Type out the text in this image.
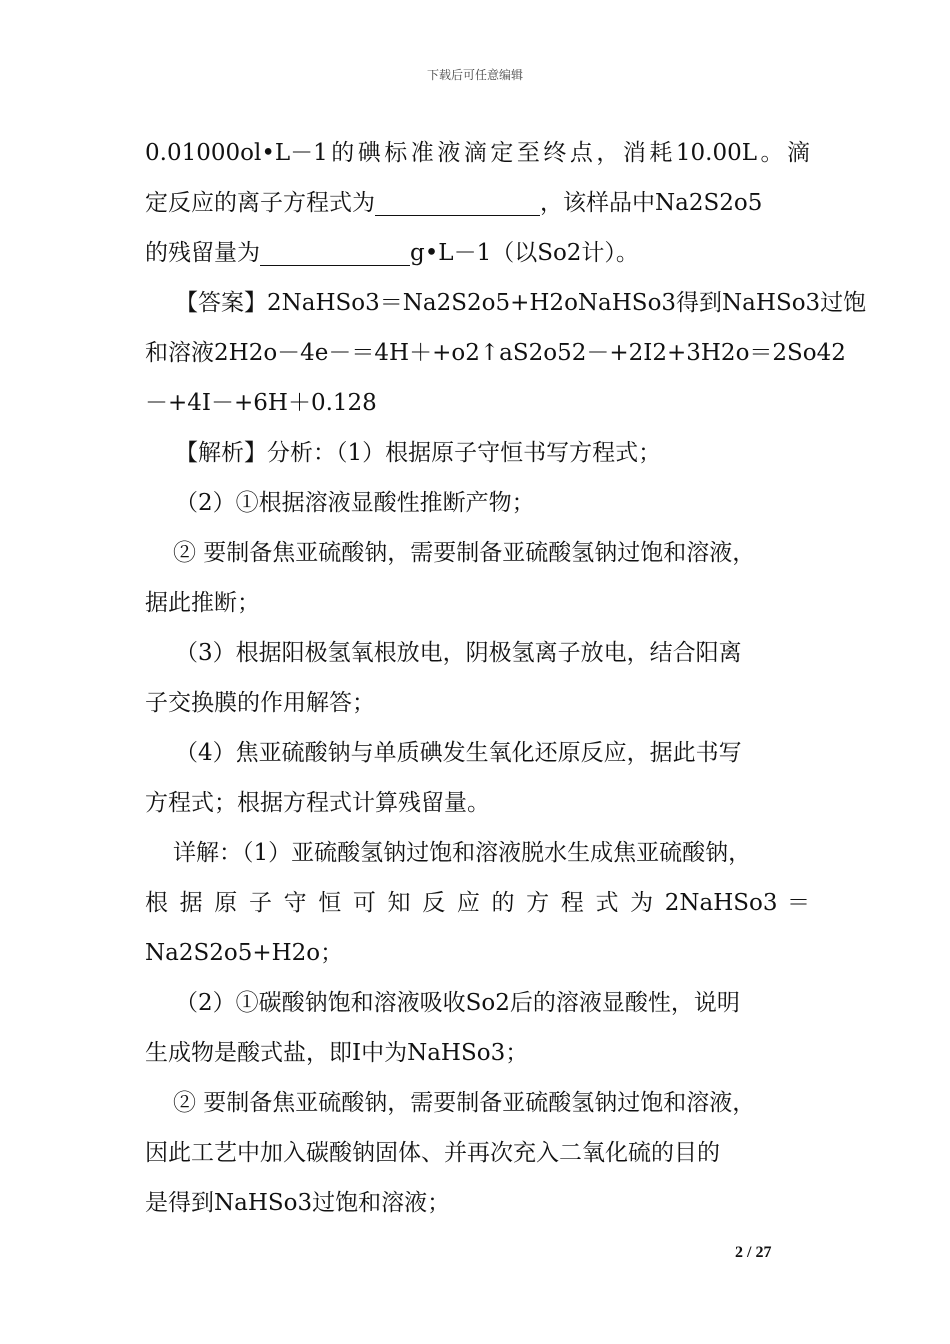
下载后可任意编辑
0.01000ol•L－1的碘标准液滴定至终点，消耗10.00L。滴
定反应的离子方程式为	，该样品中Na2S2o5
的残留量为	g•L－1（以So2计）。
【答案】2NaHSo3＝Na2S2o5+H2oNaHSo3得到NaHSo3过饱
和溶液2H2o－4e－＝4H＋+o2↑aS2o52－+2I2+3H2o＝2So42
－+4I－+6H＋0.128
【解析】分析：（1）根据原子守恒书写方程式；
（2）①根据溶液显酸性推断产物；
② 要制备焦亚硫酸钠，需要制备亚硫酸氢钠过饱和溶液，
据此推断；
（3）根据阳极氢氧根放电，阴极氢离子放电，结合阳离
子交换膜的作用解答；
（4）焦亚硫酸钠与单质碘发生氧化还原反应，据此书写
方程式；根据方程式计算残留量。
详解：（1）亚硫酸氢钠过饱和溶液脱水生成焦亚硫酸钠，
根 据 原 子 守 恒 可 知 反 应 的 方 程 式 为 2NaHSo3 ＝
Na2S2o5+H2o；
（2）①碳酸钠饱和溶液吸收So2后的溶液显酸性，说明
生成物是酸式盐，即Ⅰ中为NaHSo3；
② 要制备焦亚硫酸钠，需要制备亚硫酸氢钠过饱和溶液，
因此工艺中加入碳酸钠固体、并再次充入二氧化硫的目的
是得到NaHSo3过饱和溶液；
2 / 27
